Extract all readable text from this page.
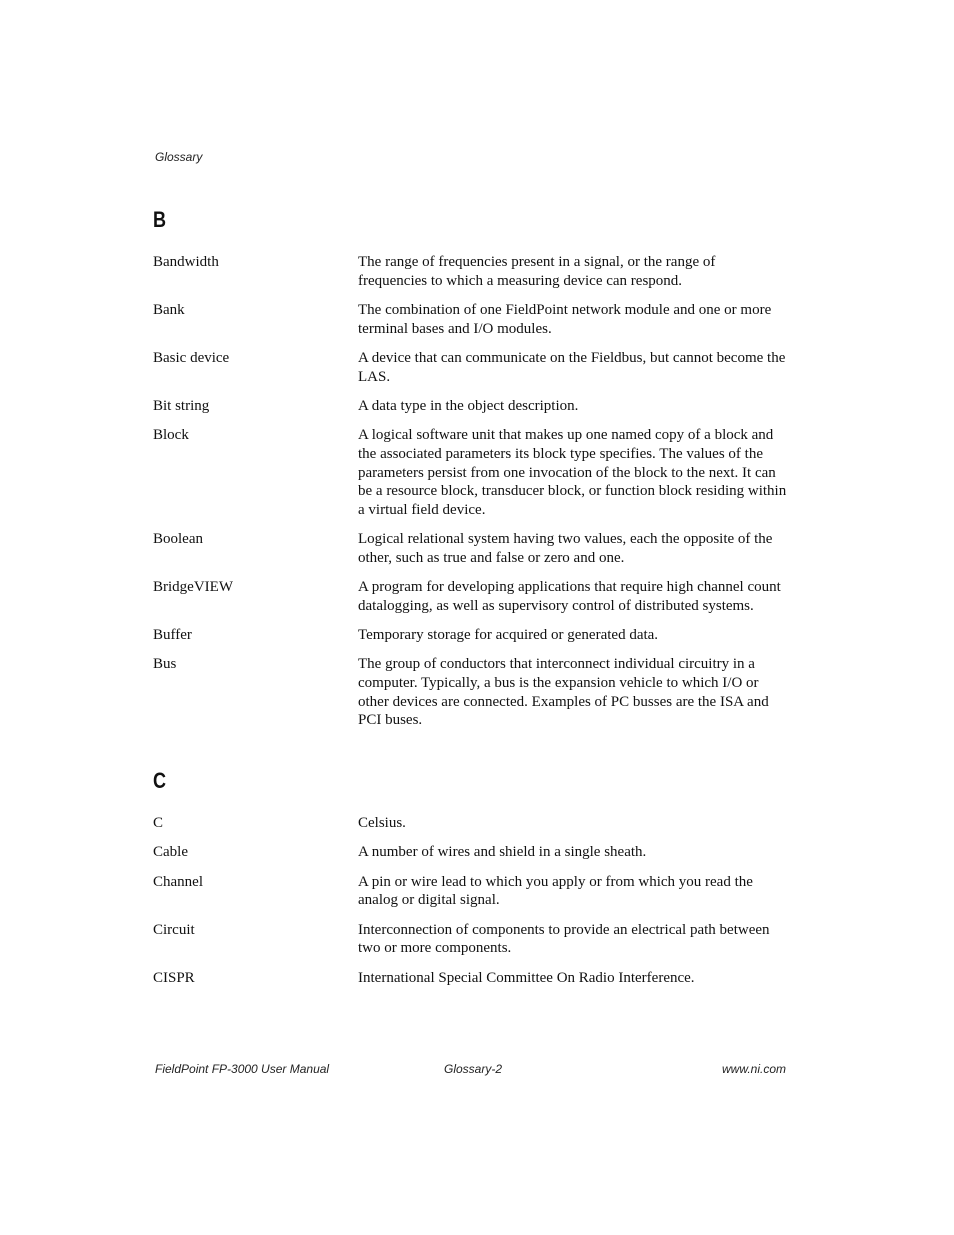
Glossary
B
Bandwidth	The range of frequencies present in a signal, or the range of frequencies to which a measuring device can respond.
Bank	The combination of one FieldPoint network module and one or more terminal bases and I/O modules.
Basic device	A device that can communicate on the Fieldbus, but cannot become the LAS.
Bit string	A data type in the object description.
Block	A logical software unit that makes up one named copy of a block and the associated parameters its block type specifies. The values of the parameters persist from one invocation of the block to the next. It can be a resource block, transducer block, or function block residing within a virtual field device.
Boolean	Logical relational system having two values, each the opposite of the other, such as true and false or zero and one.
BridgeVIEW	A program for developing applications that require high channel count datalogging, as well as supervisory control of distributed systems.
Buffer	Temporary storage for acquired or generated data.
Bus	The group of conductors that interconnect individual circuitry in a computer. Typically, a bus is the expansion vehicle to which I/O or other devices are connected. Examples of PC busses are the ISA and PCI buses.
C
C	Celsius.
Cable	A number of wires and shield in a single sheath.
Channel	A pin or wire lead to which you apply or from which you read the analog or digital signal.
Circuit	Interconnection of components to provide an electrical path between two or more components.
CISPR	International Special Committee On Radio Interference.
FieldPoint FP-3000 User Manual	Glossary-2	www.ni.com
